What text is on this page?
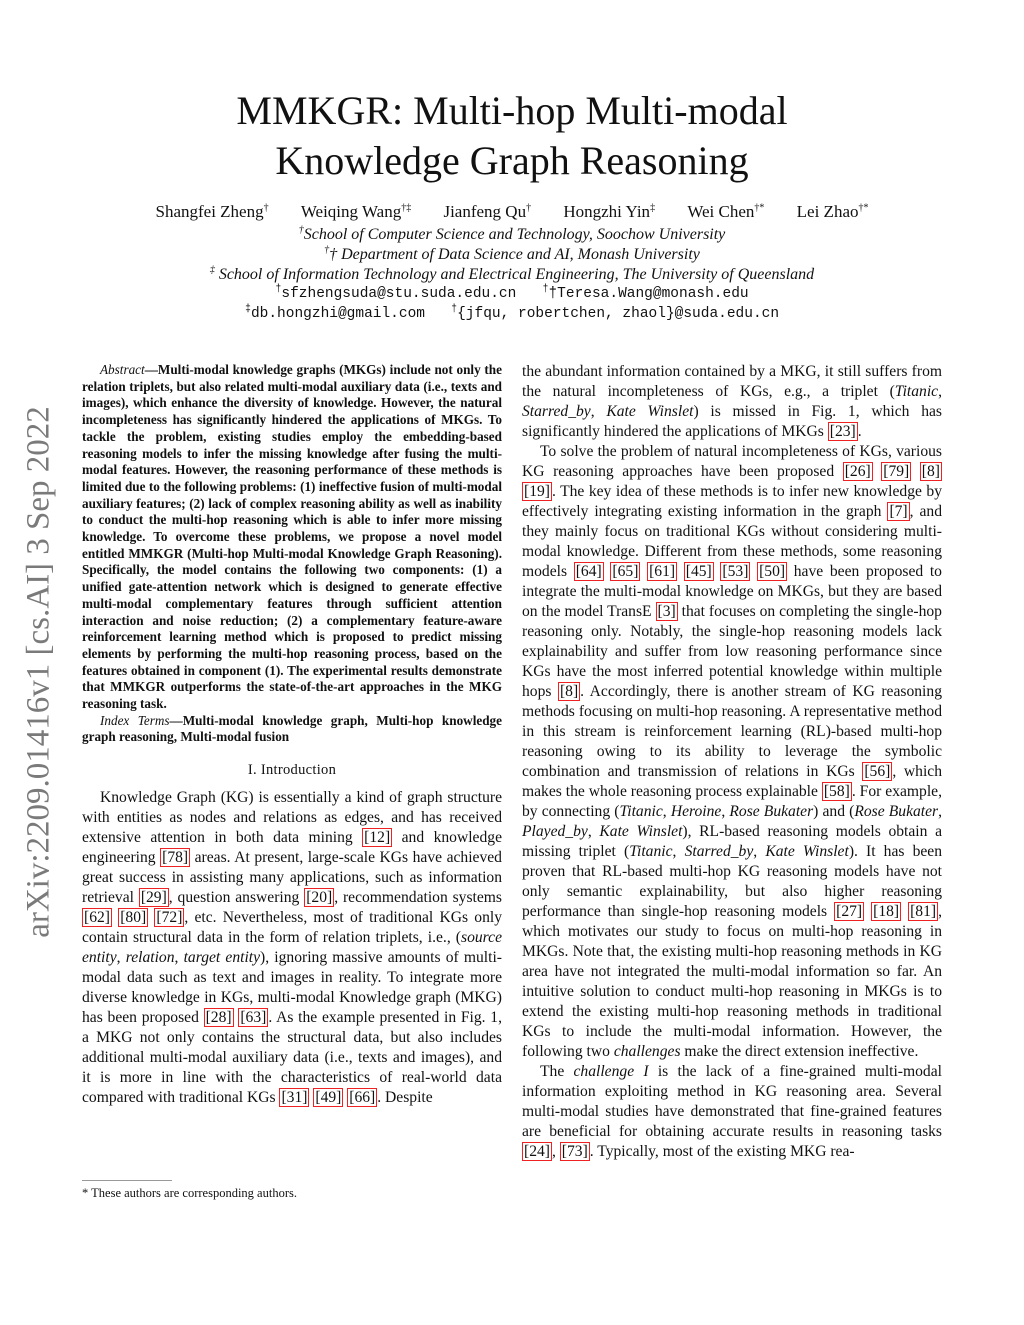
MMKGR: Multi-hop Multi-modal
Knowledge Graph Reasoning
Shangfei Zheng† Weiqing Wang†‡ Jianfeng Qu† Hongzhi Yin‡ Wei Chen†* Lei Zhao†*
†School of Computer Science and Technology, Soochow University
†† Department of Data Science and AI, Monash University
‡ School of Information Technology and Electrical Engineering, The University of Queensland
†sfzhengsuda@stu.suda.edu.cn	††Teresa.Wang@monash.edu
‡db.hongzhi@gmail.com	†{jfqu, robertchen, zhaol}@suda.edu.cn
arXiv:2209.01416v1 [cs.AI] 3 Sep 2022

Abstract—Multi-modal knowledge graphs (MKGs) include not only the relation triplets, but also related multi-modal auxiliary data (i.e., texts and images), which enhance the diversity of knowledge. However, the natural incompleteness has significantly hindered the applications of MKGs. To tackle the problem, existing studies employ the embedding-based reasoning models to infer the missing knowledge after fusing the multi-modal features. However, the reasoning performance of these methods is limited due to the following problems: (1) ineffective fusion of multi-modal auxiliary features; (2) lack of complex reasoning ability as well as inability to conduct the multi-hop reasoning which is able to infer more missing knowledge. To overcome these problems, we propose a novel model entitled MMKGR (Multi-hop Multi-modal Knowledge Graph Reasoning). Specifically, the model contains the following two components: (1) a unified gate-attention network which is designed to generate effective multi-modal complementary features through sufficient attention interaction and noise reduction; (2) a complementary feature-aware reinforcement learning method which is proposed to predict missing elements by performing the multi-hop reasoning process, based on the features obtained in component (1). The experimental results demonstrate that MMKGR outperforms the state-of-the-art approaches in the MKG reasoning task.

Index Terms—Multi-modal knowledge graph, Multi-hop knowledge graph reasoning, Multi-modal fusion

I. Introduction

Knowledge Graph (KG) is essentially a kind of graph structure with entities as nodes and relations as edges, and has received extensive attention in both data mining [12] and knowledge engineering [78] areas. At present, large-scale KGs have achieved great success in assisting many applications, such as information retrieval [29] , question answering [20] , recommendation systems [62] [80] [72] , etc. Nevertheless, most of traditional KGs only contain structural data in the form of relation triplets, i.e., (source entity, relation, target entity), ignoring massive amounts of multi-modal data such as text and images in reality. To integrate more diverse knowledge in KGs, multi-modal Knowledge graph (MKG) has been proposed [28] [63] . As the example presented in Fig. 1, a MKG not only contains the structural data, but also includes additional multi-modal auxiliary data (i.e., texts and images), and it is more in line with the characteristics of real-world data compared with traditional KGs [31] [49] [66] . Despite

* These authors are corresponding authors.

the abundant information contained by a MKG, it still suffers from the natural incompleteness of KGs, e.g., a triplet (Titanic, Starred_by, Kate Winslet) is missed in Fig. 1, which has significantly hindered the applications of MKGs [23] .

To solve the problem of natural incompleteness of KGs, various KG reasoning approaches have been proposed [26] [79] [8] [19] . The key idea of these methods is to infer new knowledge by effectively integrating existing information in the graph [7] , and they mainly focus on traditional KGs without considering multi-modal knowledge. Different from these methods, some reasoning models [64] [65] [61] [45] [53] [50] have been proposed to integrate the multi-modal knowledge on MKGs, but they are based on the model TransE [3] that focuses on completing the single-hop reasoning only. Notably, the single-hop reasoning models lack explainability and suffer from low reasoning performance since KGs have the most inferred potential knowledge within multiple hops [8] . Accordingly, there is another stream of KG reasoning methods focusing on multi-hop reasoning. A representative method in this stream is reinforcement learning (RL)-based multi-hop reasoning owing to its ability to leverage the symbolic combination and transmission of relations in KGs [56] , which makes the whole reasoning process explainable [58] . For example, by connecting (Titanic, Heroine, Rose Bukater) and (Rose Bukater, Played_by, Kate Winslet), RL-based reasoning models obtain a missing triplet (Titanic, Starred_by, Kate Winslet). It has been proven that RL-based multi-hop KG reasoning models have not only semantic explainability, but also higher reasoning performance than single-hop reasoning models [27] [18] [81] , which motivates our study to focus on multi-hop reasoning in MKGs. Note that, the existing multi-hop reasoning methods in KG area have not integrated the multi-modal information so far. An intuitive solution to conduct multi-hop reasoning in MKGs is to extend the existing multi-hop reasoning methods in traditional KGs to include the multi-modal information. However, the following two challenges make the direct extension ineffective.

The challenge I is the lack of a fine-grained multi-modal information exploiting method in KG reasoning area. Several multi-modal studies have demonstrated that fine-grained features are beneficial for obtaining accurate results in reasoning tasks [24] , [73] . Typically, most of the existing MKG rea-
